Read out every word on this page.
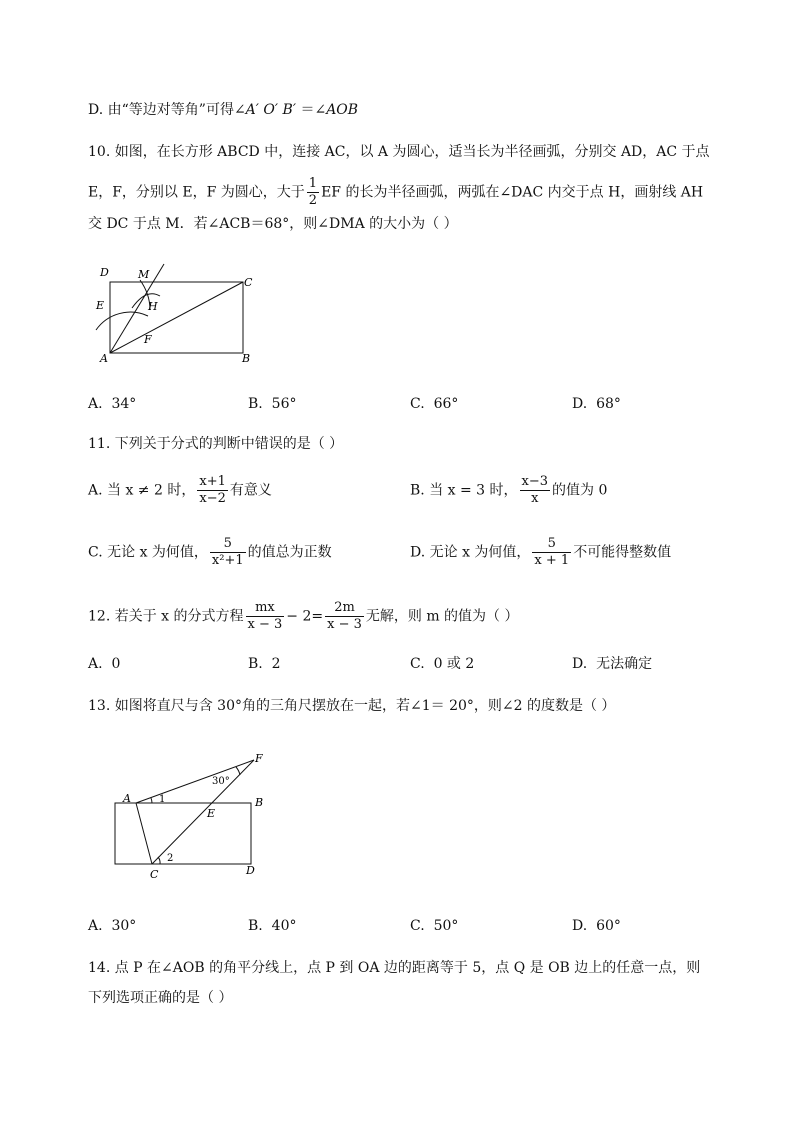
D. 由“等边对等角”可得∠A′ O′ B′ ＝∠AOB
10. 如图，在长方形 ABCD 中，连接 AC，以 A 为圆心，适当长为半径画弧，分别交 AD，AC 于点
E，F，分别以 E，F 为圆心，大于 $\frac{1}{2}$ EF 的长为半径画弧，两弧在∠DAC 内交于点 H，画射线 AH
交 DC 于点 M．若∠ACB＝68°，则∠DMA 的大小为（ ）
D	M
C
E	H
F
A	B
A. 34°	B. 56°	C. 66°	D. 68°
11. 下列关于分式的判断中错误的是（ ）
A. 当 x ≠ 2 时， $\frac{x+1}{x-2}$ 有意义	B. 当 x = 3 时， $\frac{x-3}{x}$ 的值为 0
C. 无论 x 为何值， $\frac{5}{\text{x²+1}}$ 的值总为正数	D. 无论 x 为何值， $\frac{5}{x + 1}$ 不可能得整数值
12. 若关于 x 的分式方程 $\frac{mx}{x - 3} - 2= \frac{2m}{x - 3}$ 无解，则 m 的值为（ ）
A. 0	B. 2	C. 0 或 2	D. 无法确定
13. 如图将直尺与含 30°角的三角尺摆放在一起，若∠1＝ 20°，则∠2 的度数是（ ）
F
30°
A	1	B
E
2
C	D
A. 30°	B. 40°	C. 50°	D. 60°
14. 点 P 在∠AOB 的角平分线上，点 P 到 OA 边的距离等于 5，点 Q 是 OB 边上的任意一点，则
下列选项正确的是（ ）
